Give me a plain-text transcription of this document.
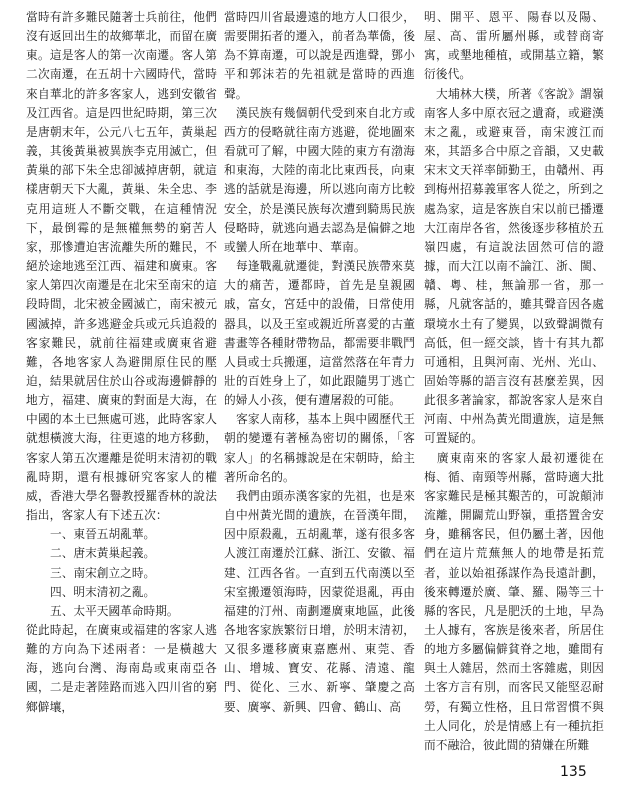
當時有許多難民隨著士兵前往，他們沒有返回出生的故鄉華北，而留在廣東。這是客人的第一次南遷。客人第二次南遷，在五胡十六國時代，當時來自華北的許多客家人，逃到安徽省及江西省。這是四世紀時期，第三次是唐朝末年，公元八七五年，黃巢起義，其後黃巢被異族李克用滅亡，但黃巢的部下朱全忠卻滅掉唐朝，就這樣唐朝天下大亂，黃巢、朱全忠、李克用這班人不斷交戰，在這種情況下，最倒霉的是無權無勢的窮苦人家，那慘遭迫害流離失所的難民，不絕於途地逃至江西、福建和廣東。客家人第四次南遷是在北宋至南宋的這段時間，北宋被金國滅亡，南宋被元國滅掉，許多逃避金兵或元兵追殺的客家難民，就前往福建或廣東省避難，各地客家人為避開原住民的壓迫，結果就居住於山谷或海邊僻靜的地方，福建、廣東的對面是大海，在中國的本土已無處可逃，此時客家人就想橫渡大海，往更遠的地方移動，客家人第五次遷離是從明末清初的戰亂時期，還有根據研究客家人的權威，香港大學名譽教授羅香林的說法指出，客家人有下述五次：

一、東晉五胡亂華。
二、唐末黃巢起義。
三、南宋創立之時。
四、明末清初之亂。
五、太平天國革命時期。

從此時起，在廣東或福建的客家人逃難的方向為下述兩者：一是橫越大海，逃向台灣、海南島或東南亞各國，二是走著陸路而逃入四川省的窮鄉僻壤，

當時四川省最邊遠的地方人口很少，需要開拓者的遷入，前者為華僑，後為不算南遷，可以說是西進聲，鄧小平和郭沫若的先祖就是當時的西進聲。

　漢民族有幾個朝代受到來自北方或西方的侵略就往南方逃避，從地圖來看就可了解，中國大陸的東方有渤海和東海，大陸的南北比東西長，向東逃的話就是海邊，所以逃向南方比較安全，於是漢民族每次遭到騎馬民族侵略時，就逃向過去認為是偏僻之地或蠻人所在地華中、華南。

　每逢戰亂就遷徙，對漢民族帶來莫大的痛苦，遷都時，首先是皇親國戚，富女，宮廷中的設備，日常使用器具，以及王室或親近所喜愛的古董書畫等各種財帶物品，都需要非戰鬥人員或士兵搬運，這當然落在年青力壯的百姓身上了，如此跟隨男丁逃亡的婦人小孩，便有遭屠殺的可能。

　客家人南移，基本上與中國歷代王朝的變遷有著極為密切的關係，「客家人」的名稱據說是在宋朝時，給主著所命名的。

　我們由頭赤漢客家的先祖，也是來自中州黃光間的遺族，在晉漢年間，因中原殺亂，五胡亂華，遂有很多客人渡江南遷於江蘇、浙江、安徽、福建、江西各省。一直到五代南漢以至宋室搬遷領海時，因蒙從退亂，再由福建的汀州、南劃遷廣東地區，此後各地客家族繁衍日增，於明末清初，又很多遷移廣東嘉應州、東莞、香山、增城、寶安、花縣、清遠、龍門、從化、三水、新寧、肇慶之高要、廣寧、新興、四會、鶴山、高

明、開平、恩平、陽春以及陽、屋、高、雷所屬州縣，或替商寄寓，或墾地種植，或開基立籍，繁衍後代。

　大埔林大樸，所著《客說》謂嶺南客人多中原衣冠之遺裔，或避漢末之亂，或避東晉，南宋渡江而來，其語多合中原之音韻，又史載宋末文天祥率師勤王，由贛州、再到梅州招募義軍客人從之，所到之處為家，這是客族自宋以前已播遷大江南岸各省，然後逐步移植於五嶺四處，有這說法固然可信的證據，而大江以南不論江、浙、閩、贛、粵、桂，無論那一省，那一縣，凡就客話的，雖其聲音因各處環境水土有了變異，以致聲調微有高低，但一經交談，皆十有其九都可通相，且與河南、光州、光山、固始等縣的語言沒有甚麼差異，因此很多著論家，都說客家人是來自河南、中州為黃光間遺族，這是無可置疑的。

　廣東南來的客家人最初遷徙在梅、循、南頸等州縣，當時適大批客家難民是極其艱苦的，可說顛沛流離，開闢荒山野嶺，重搭置舍安身，雖稱客民，但仍屬土著，因他們在這片荒蕪無人的地帶是拓荒者，並以始祖孫謀作為長遠計劃，後來轉遷於廣、肇、羅、陽等三十縣的客民，凡是肥沃的土地，早為土人據有，客族是後來者，所居住的地方多屬偏僻貧脊之地，雖間有與土人雜居，然而土客雜處，則因土客方言有別，而客民又能堅忍耐勞，有獨立性格，且日常習慣不與土人同化，於是情感上有一種抗拒而不融洽，彼此間的猜嫌在所難

135
